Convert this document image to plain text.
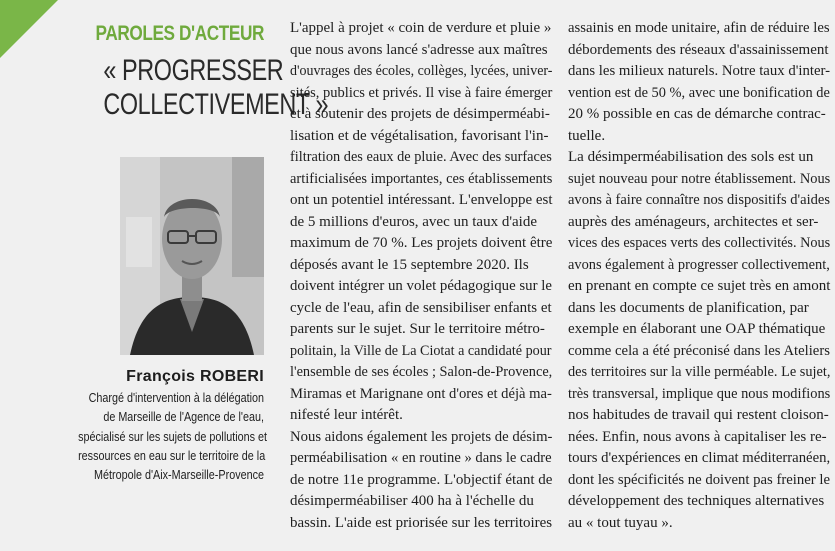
PAROLES D'ACTEUR

« PROGRESSER
COLLECTIVEMENT »

François ROBERI

Chargé d'intervention à la délégation
de Marseille de l'Agence de l'eau,
spécialisé sur les sujets de pollutions et
ressources en eau sur le territoire de la
Métropole d'Aix-Marseille-Provence

L'appel à projet « coin de verdure et pluie »
que nous avons lancé s'adresse aux maîtres
d'ouvrages des écoles, collèges, lycées, univer-
sités, publics et privés. Il vise à faire émerger
et à soutenir des projets de désimperméabi-
lisation et de végétalisation, favorisant l'in-
filtration des eaux de pluie. Avec des surfaces
artificialisées importantes, ces établissements
ont un potentiel intéressant. L'enveloppe est
de 5 millions d'euros, avec un taux d'aide
maximum de 70 %. Les projets doivent être
déposés avant le 15 septembre 2020. Ils
doivent intégrer un volet pédagogique sur le
cycle de l'eau, afin de sensibiliser enfants et
parents sur le sujet. Sur le territoire métro-
politain, la Ville de La Ciotat a candidaté pour
l'ensemble de ses écoles ; Salon-de-Provence,
Miramas et Marignane ont d'ores et déjà ma-
nifesté leur intérêt.
Nous aidons également les projets de désim-
perméabilisation « en routine » dans le cadre
de notre 11e programme. L'objectif étant de
désimperméabiliser 400 ha à l'échelle du
bassin. L'aide est priorisée sur les territoires
assainis en mode unitaire, afin de réduire les
débordements des réseaux d'assainissement
dans les milieux naturels. Notre taux d'inter-
vention est de 50 %, avec une bonification de
20 % possible en cas de démarche contrac-
tuelle.
La désimperméabilisation des sols est un
sujet nouveau pour notre établissement. Nous
avons à faire connaître nos dispositifs d'aides
auprès des aménageurs, architectes et ser-
vices des espaces verts des collectivités. Nous
avons également à progresser collectivement,
en prenant en compte ce sujet très en amont
dans les documents de planification, par
exemple en élaborant une OAP thématique
comme cela a été préconisé dans les Ateliers
des territoires sur la ville perméable. Le sujet,
très transversal, implique que nous modifions
nos habitudes de travail qui restent cloison-
nées. Enfin, nous avons à capitaliser les re-
tours d'expériences en climat méditerranéen,
dont les spécificités ne doivent pas freiner le
développement des techniques alternatives
au « tout tuyau ».
